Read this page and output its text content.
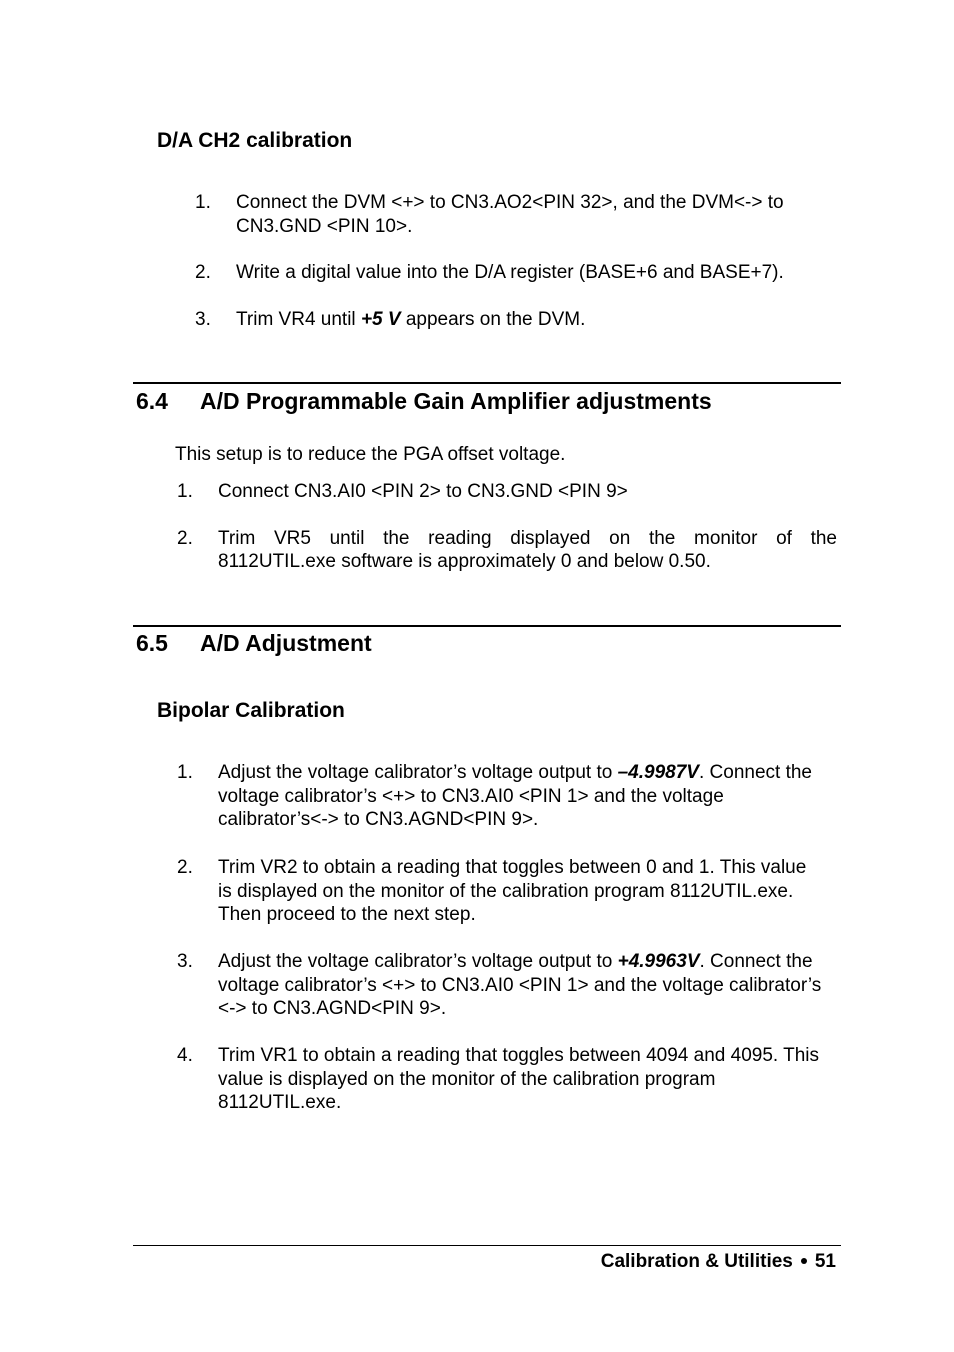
D/A CH2 calibration
1. Connect the DVM <+> to CN3.AO2<PIN 32>, and the DVM<-> to CN3.GND <PIN 10>.
2. Write a digital value into the D/A register (BASE+6 and BASE+7).
3. Trim VR4 until +5 V appears on the DVM.
6.4 A/D Programmable Gain Amplifier adjustments
This setup is to reduce the PGA offset voltage.
1. Connect CN3.AI0 <PIN 2> to CN3.GND <PIN 9>
2. Trim VR5 until the reading displayed on the monitor of the
8112UTIL.exe software is approximately 0 and below 0.50.
6.5 A/D Adjustment
Bipolar Calibration
1. Adjust the voltage calibrator’s voltage output to –4.9987V. Connect the voltage calibrator’s <+> to CN3.AI0 <PIN 1> and the voltage calibrator’s<-> to CN3.AGND<PIN 9>.
2. Trim VR2 to obtain a reading that toggles between 0 and 1. This value is displayed on the monitor of the calibration program 8112UTIL.exe. Then proceed to the next step.
3. Adjust the voltage calibrator’s voltage output to +4.9963V. Connect the voltage calibrator’s <+> to CN3.AI0 <PIN 1> and the voltage calibrator’s <-> to CN3.AGND<PIN 9>.
4. Trim VR1 to obtain a reading that toggles between 4094 and 4095. This value is displayed on the monitor of the calibration program 8112UTIL.exe.
Calibration & Utilities 51
